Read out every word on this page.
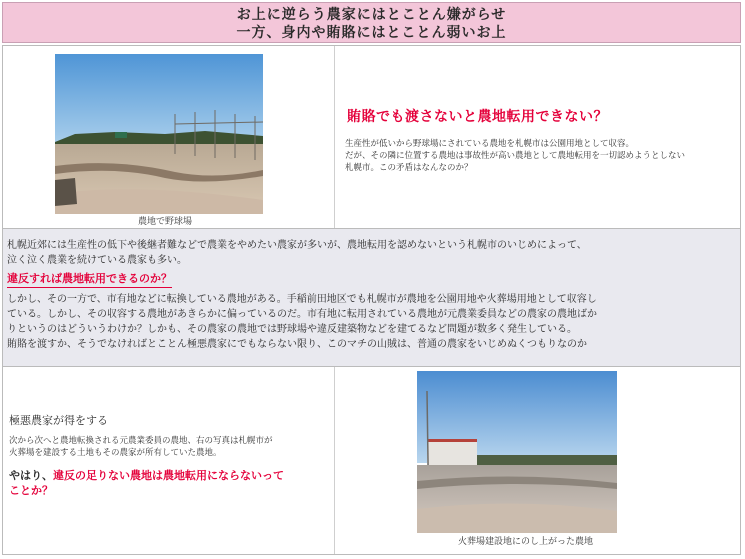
お上に逆らう農家にはとことん嫌がらせ
一方、身内や賄賂にはとことん弱いお上
農地で野球場
賄賂でも渡さないと農地転用できない？
生産性が低いから野球場にされている農地を札幌市は公園用地として収容。
だが、その隣に位置する農地は事故性が高い農地として農地転用を一切認めようとしない
札幌市。この矛盾はなんなのか？
札幌近郊には生産性の低下や後継者難などで農業をやめたい農家が多いが、農地転用を認めないという札幌市のいじめによって、
泣く泣く農業を続けている農家も多い。
違反すれば農地転用できるのか？
しかし、その一方で、市有地などに転換している農地がある。手稲前田地区でも札幌市が農地を公園用地や火葬場用地として収容し
ている。しかし、その収容する農地があきらかに偏っているのだ。市有地に転用されている農地が元農業委員などの農家の農地ばか
りというのはどういうわけか？しかも、その農家の農地では野球場や違反建築物などを建てるなど問題が数多く発生している。
賄賂を渡すか、そうでなければとことん極悪農家にでもならない限り、このマチの山賊は、普通の農家をいじめぬくつもりなのか
極悪農家が得をする
次から次へと農地転換される元農業委員の農地、右の写真は札幌市が
火葬場を建設する土地もその農家が所有していた農地。
やはり、違反の足りない農地は農地転用にならないって
ことか？
火葬場建設地にのし上がった農地
